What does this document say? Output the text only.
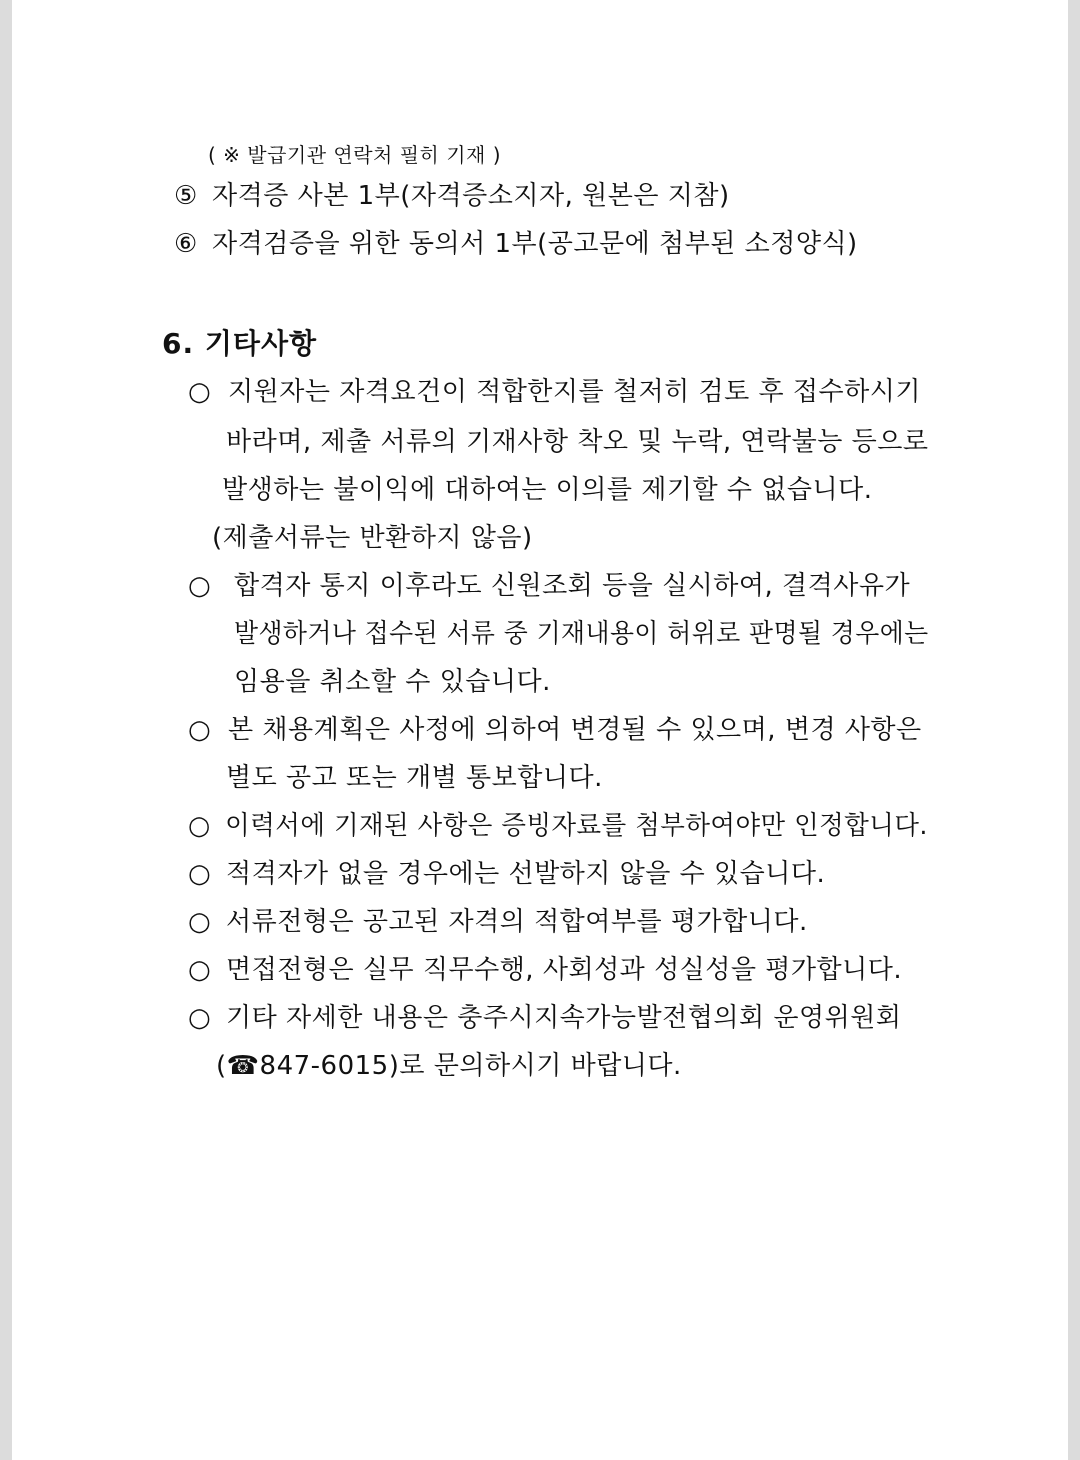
( ※ 발급기관 연락처 필히 기재 )
⑤ 자격증 사본 1부(자격증소지자, 원본은 지참)
⑥ 자격검증을 위한 동의서 1부(공고문에 첨부된 소정양식)
6. 기타사항
○ 지원자는 자격요건이 적합한지를 철저히 검토 후 접수하시기
바라며, 제출 서류의 기재사항 착오 및 누락, 연락불능 등으로
발생하는 불이익에 대하여는 이의를 제기할 수 없습니다.
(제출서류는 반환하지 않음)
○ 합격자 통지 이후라도 신원조회 등을 실시하여, 결격사유가
발생하거나 접수된 서류 중 기재내용이 허위로 판명될 경우에는
임용을 취소할 수 있습니다.
○ 본 채용계획은 사정에 의하여 변경될 수 있으며, 변경 사항은
별도 공고 또는 개별 통보합니다.
○ 이력서에 기재된 사항은 증빙자료를 첨부하여야만 인정합니다.
○ 적격자가 없을 경우에는 선발하지 않을 수 있습니다.
○ 서류전형은 공고된 자격의 적합여부를 평가합니다.
○ 면접전형은 실무 직무수행, 사회성과 성실성을 평가합니다.
○ 기타 자세한 내용은 충주시지속가능발전협의회 운영위원회
(☎847-6015)로 문의하시기 바랍니다.
